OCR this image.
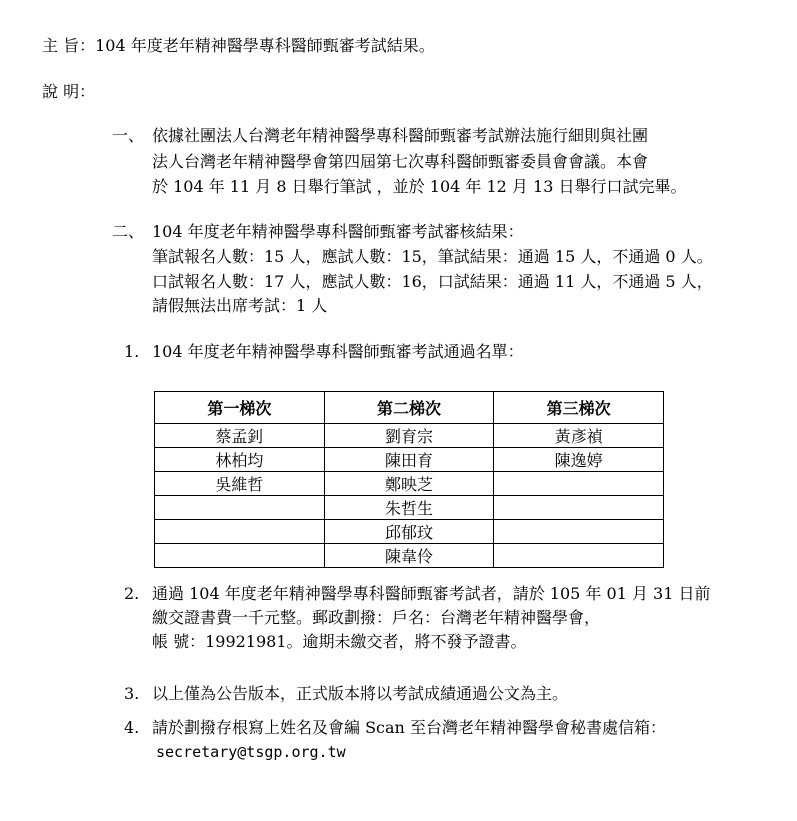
主 旨：104 年度老年精神醫學專科醫師甄審考試結果。
說 明：
一、 依據社團法人台灣老年精神醫學專科醫師甄審考試辦法施行細則與社團
法人台灣老年精神醫學會第四屆第七次專科醫師甄審委員會會議。本會
於 104 年 11 月 8 日舉行筆試 ，並於 104 年 12 月 13 日舉行口試完畢。
二、 104 年度老年精神醫學專科醫師甄審考試審核結果：
筆試報名人數：15 人，應試人數：15，筆試結果：通過 15 人，不通過 0 人。
口試報名人數：17 人，應試人數：16，口試結果：通過 11 人，不通過 5 人，
請假無法出席考試：1 人
1. 104 年度老年精神醫學專科醫師甄審考試通過名單：
第一梯次	第二梯次	第三梯次
蔡孟釗	劉育宗	黃彥禎
林柏均	陳田育	陳逸婷
吳維哲	鄭映芝	
	朱哲生	
	邱郁玟	
	陳韋伶	
2. 通過 104 年度老年精神醫學專科醫師甄審考試者，請於 105 年 01 月 31 日前
繳交證書費一千元整。郵政劃撥：戶名：台灣老年精神醫學會，
帳 號：19921981。逾期未繳交者，將不發予證書。
3. 以上僅為公告版本，正式版本將以考試成績通過公文為主。
4. 請於劃撥存根寫上姓名及會編 Scan 至台灣老年精神醫學會秘書處信箱：
secretary@tsgp.org.tw
